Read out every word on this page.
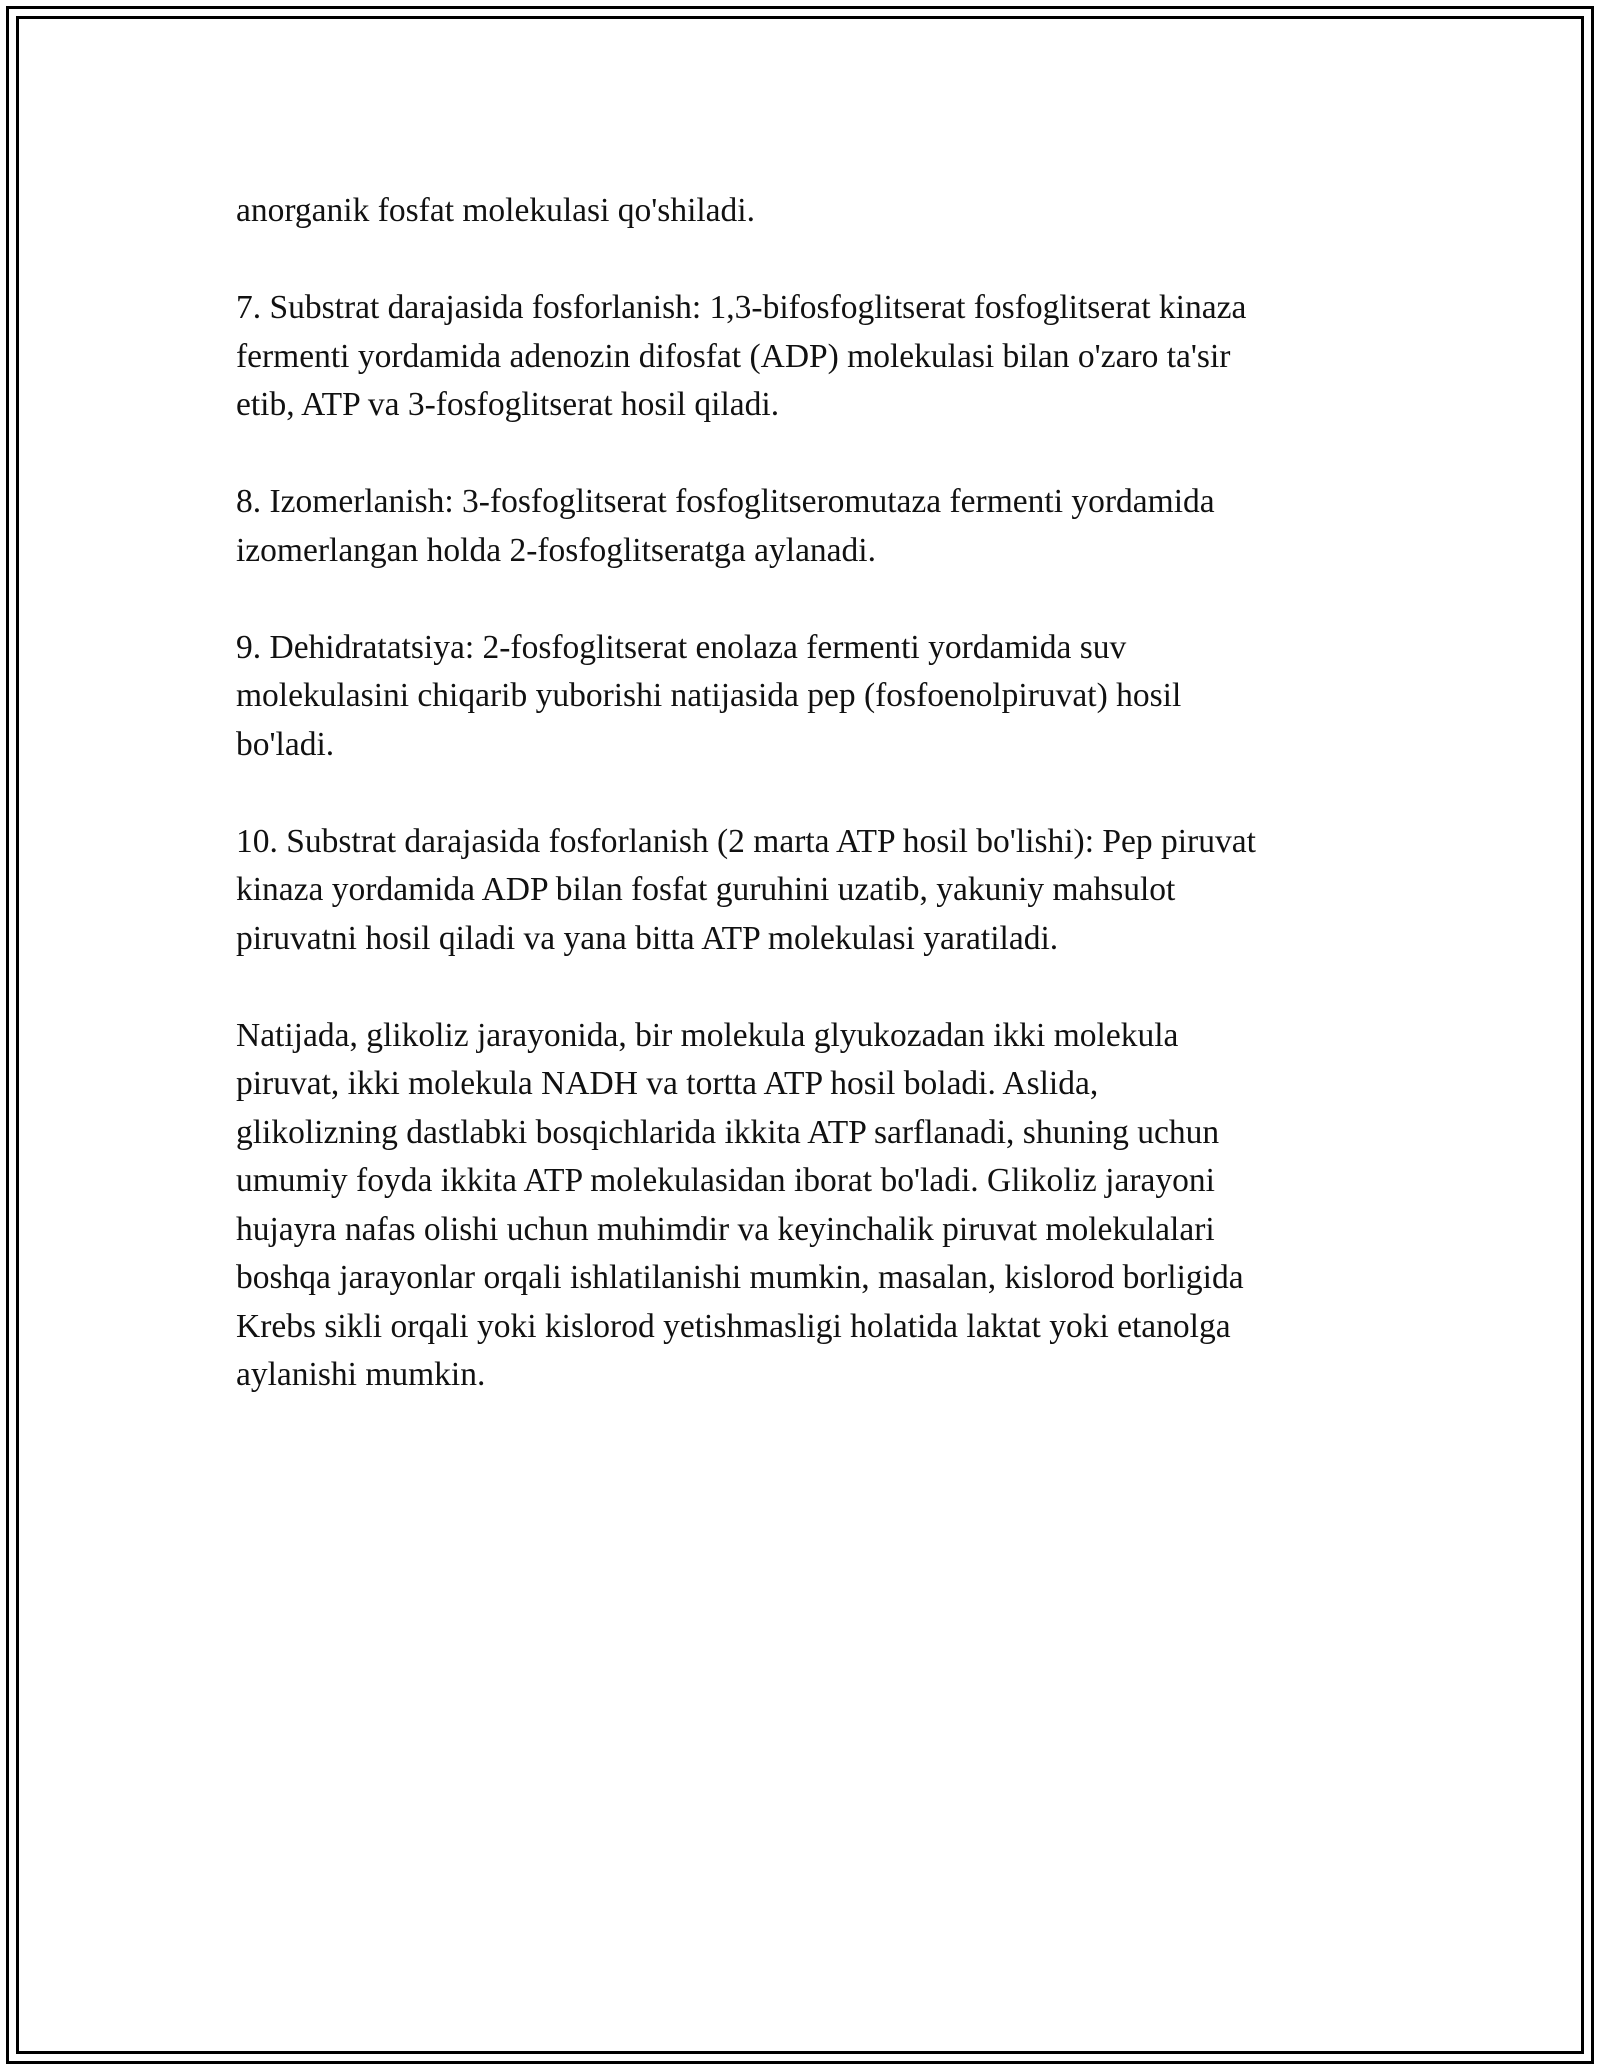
anorganik fosfat molekulasi qo'shiladi.

7. Substrat darajasida fosforlanish: 1,3-bifosfoglitserat fosfoglitserat kinaza
fermenti yordamida adenozin difosfat (ADP) molekulasi bilan o'zaro ta'sir
etib, ATP va 3-fosfoglitserat hosil qiladi.

8. Izomerlanish: 3-fosfoglitserat fosfoglitseromutaza fermenti yordamida
izomerlangan holda 2-fosfoglitseratga aylanadi.

9. Dehidratatsiya: 2-fosfoglitserat enolaza fermenti yordamida suv
molekulasini chiqarib yuborishi natijasida pep (fosfoenolpiruvat) hosil
bo'ladi.

10. Substrat darajasida fosforlanish (2 marta ATP hosil bo'lishi): Pep piruvat
kinaza yordamida ADP bilan fosfat guruhini uzatib, yakuniy mahsulot
piruvatni hosil qiladi va yana bitta ATP molekulasi yaratiladi.

Natijada, glikoliz jarayonida, bir molekula glyukozadan ikki molekula
piruvat, ikki molekula NADH va tortta ATP hosil boladi. Aslida,
glikolizning dastlabki bosqichlarida ikkita ATP sarflanadi, shuning uchun
umumiy foyda ikkita ATP molekulasidan iborat bo'ladi. Glikoliz jarayoni
hujayra nafas olishi uchun muhimdir va keyinchalik piruvat molekulalari
boshqa jarayonlar orqali ishlatilanishi mumkin, masalan, kislorod borligida
Krebs sikli orqali yoki kislorod yetishmasligi holatida laktat yoki etanolga
aylanishi mumkin.
